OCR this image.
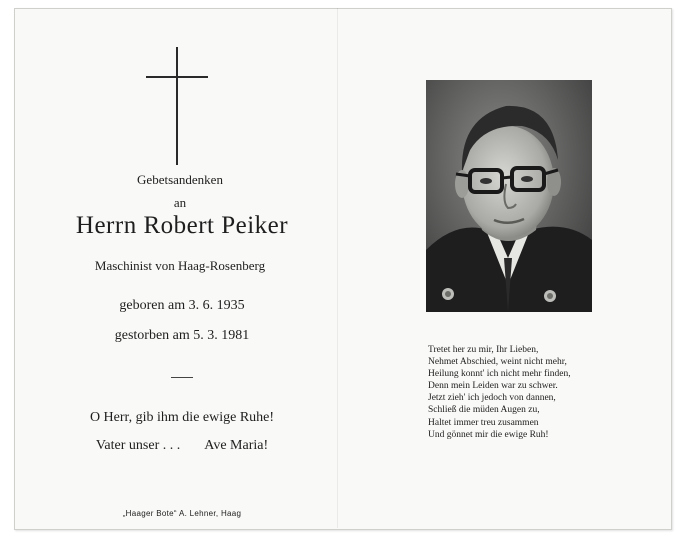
Gebetsandenken
an
Herrn Robert Peiker
Maschinist von Haag-Rosenberg
geboren am 3. 6. 1935
gestorben am 5. 3. 1981
O Herr, gib ihm die ewige Ruhe!
Vater unser . . . Ave Maria!
„Haager Bote“ A. Lehner, Haag
Tretet her zu mir, Ihr Lieben,
Nehmet Abschied, weint nicht mehr,
Heilung konnt' ich nicht mehr finden,
Denn mein Leiden war zu schwer.
Jetzt zieh' ich jedoch von dannen,
Schließ die müden Augen zu,
Haltet immer treu zusammen
Und gönnet mir die ewige Ruh!
